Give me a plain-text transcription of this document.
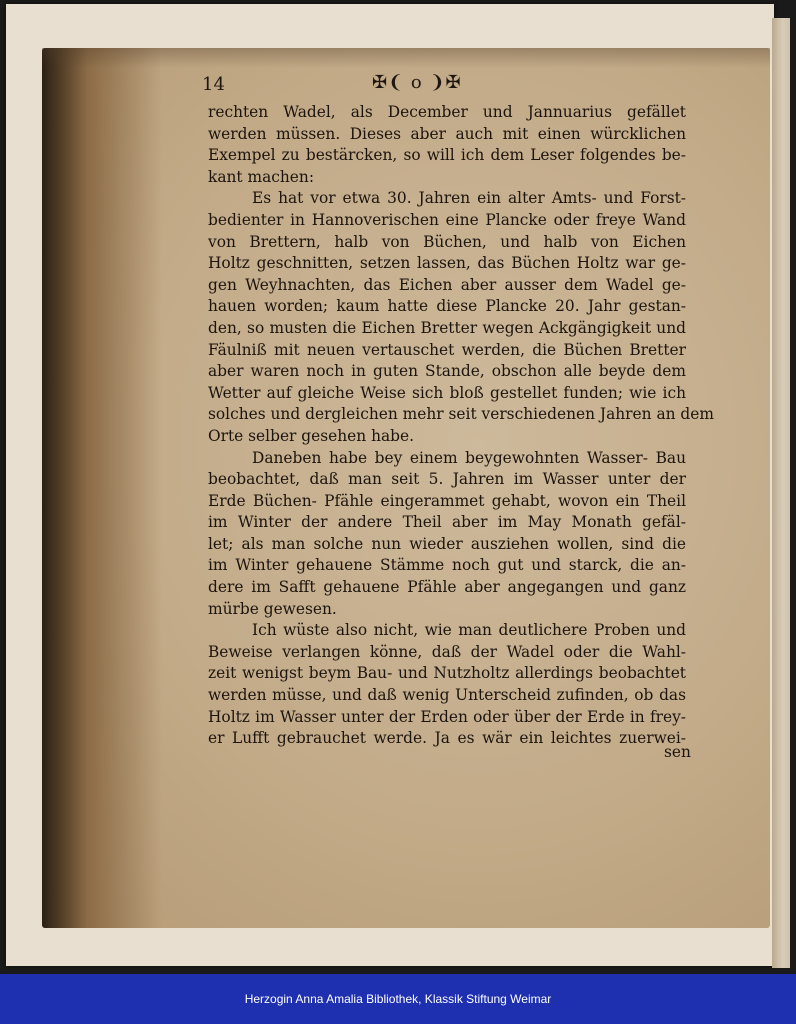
14	✠❨ o ❩✠
rechten Wadel, als December und Jannuarius gefället
werden müssen. Dieses aber auch mit einen würcklichen
Exempel zu bestärcken, so will ich dem Leser folgendes be-
kant machen:
Es hat vor etwa 30. Jahren ein alter Amts- und Forst-
bedienter in Hannoverischen eine Plancke oder freye Wand
von Brettern, halb von Büchen, und halb von Eichen
Holtz geschnitten, setzen lassen, das Büchen Holtz war ge-
gen Weyhnachten, das Eichen aber ausser dem Wadel ge-
hauen worden; kaum hatte diese Plancke 20. Jahr gestan-
den, so musten die Eichen Bretter wegen Ackgängigkeit und
Fäulniß mit neuen vertauschet werden, die Büchen Bretter
aber waren noch in guten Stande, obschon alle beyde dem
Wetter auf gleiche Weise sich bloß gestellet funden; wie ich
solches und dergleichen mehr seit verschiedenen Jahren an dem
Orte selber gesehen habe.
Daneben habe bey einem beygewohnten Wasser- Bau
beobachtet, daß man seit 5. Jahren im Wasser unter der
Erde Büchen- Pfähle eingerammet gehabt, wovon ein Theil
im Winter der andere Theil aber im May Monath gefäl-
let; als man solche nun wieder ausziehen wollen, sind die
im Winter gehauene Stämme noch gut und starck, die an-
dere im Safft gehauene Pfähle aber angegangen und ganz
mürbe gewesen.
Ich wüste also nicht, wie man deutlichere Proben und
Beweise verlangen könne, daß der Wadel oder die Wahl-
zeit wenigst beym Bau- und Nutzholtz allerdings beobachtet
werden müsse, und daß wenig Unterscheid zufinden, ob das
Holtz im Wasser unter der Erden oder über der Erde in frey-
er Lufft gebrauchet werde. Ja es wär ein leichtes zuerwei-
sen
Herzogin Anna Amalia Bibliothek, Klassik Stiftung Weimar
